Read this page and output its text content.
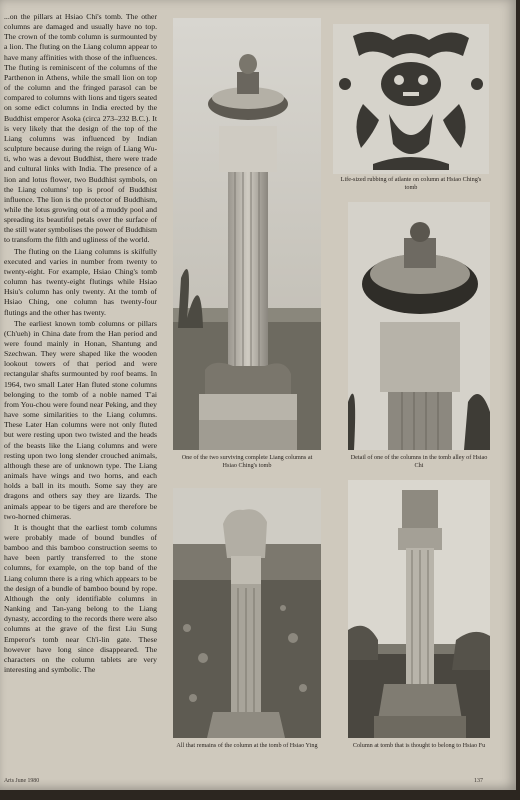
...on the pillars at Hsiao Chi's tomb. The other columns are damaged and usually have no top. The crown of the tomb column is surmounted by a lion. The fluting on the Liang column appear to have many affinities with those of the influences. The fluting is reminiscent of the columns of the Parthenon in Athens, while the small lion on top of the column and the fringed parasol can be compared to columns with lions and tigers seated on some edict columns in India erected by the Buddhist emperor Asoka (circa 273–232 B.C.). It is very likely that the design of the top of the Liang columns was influenced by Indian sculpture because during the reign of Liang Wu-ti, who was a devout Buddhist, there were trade and cultural links with India. The presence of a lion and lotus flower, two Buddhist symbols, on the Liang columns' top is proof of Buddhist influence. The lion is the protector of Buddhism, while the lotus growing out of a muddy pool and spreading its beautiful petals over the surface of the still water symbolises the power of Buddhism to transform the filth and ugliness of the world.

The fluting on the Liang columns is skilfully executed and varies in number from twenty to twenty-eight. For example, Hsiao Ching's tomb column has twenty-eight flutings while Hsiao Hsiu's column has only twenty. At the tomb of Hsiao Ching, one column has twenty-four flutings and the other has twenty.

The earliest known tomb columns or pillars (Ch'ueh) in China date from the Han period and were found mainly in Honan, Shantung and Szechwan. They were shaped like the wooden lookout towers of that period and were rectangular shafts surmounted by roof beams. In 1964, two small Later Han fluted stone columns belonging to the tomb of a noble named T'ai from You-chou were found near Peking, and they have some similarities to the Liang columns. These Later Han columns were not only fluted but were resting upon two twisted and the heads of the beasts like the Liang columns and were resting upon two long slender crouched animals, although these are of unknown type. The Liang animals have wings and two horns, and each holds a ball in its mouth. Some say they are dragons and others say they are lizards. The animals appear to be tigers and are therefore be two-horned chimeras.

It is thought that the earliest tomb columns were probably made of bound bundles of bamboo and this bamboo construction seems to have been partly transferred to the stone columns, for example, on the top band of the Liang column there is a ring which appears to be the design of a bundle of bamboo bound by rope. Although the only identifiable columns in Nanking and Tan-yang belong to the Liang dynasty, according to the records there were also columns at the grave of the first Liu Sung Emperor's tomb near Ch'i-lin gate. These however have long since disappeared. The characters on the column tablets are very interesting and symbolic. The

One of the two surviving complete Liang columns at Hsiao Ching's tomb
Life-sized rubbing of atlante on column at Hsiao Ching's tomb
Detail of one of the columns in the tomb alley of Hsiao Chi
All that remains of the column at the tomb of Hsiao Ying	Column at tomb that is thought to belong to Hsiao Fu
Arts June 1980	137
